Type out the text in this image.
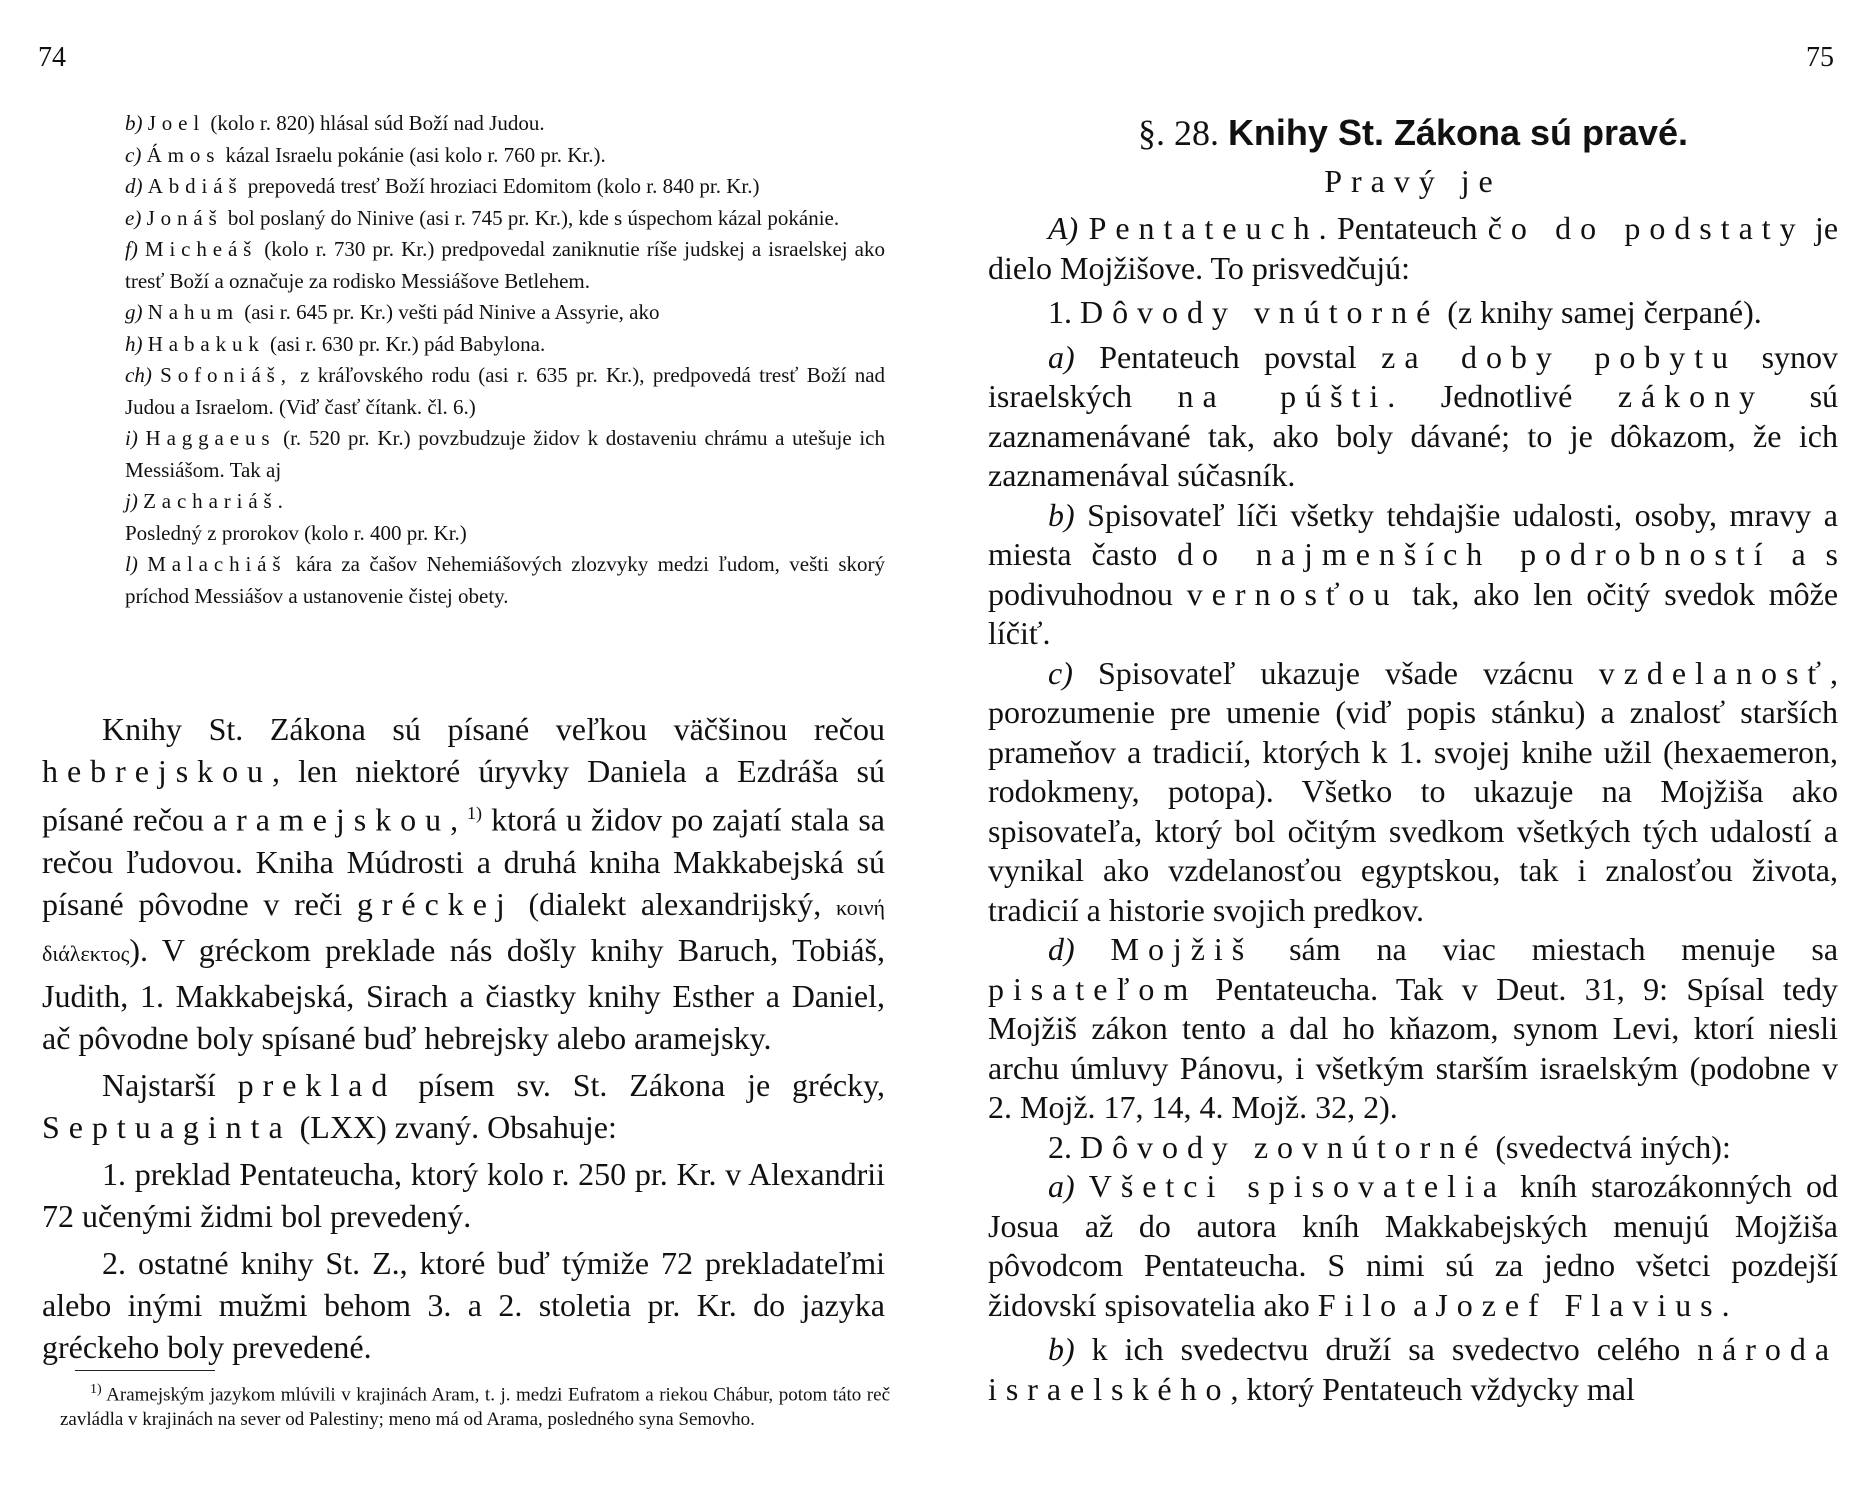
74

b) Joel (kolo r. 820) hlásal súd Boží nad Judou.

c) Ámos kázal Israelu pokánie (asi kolo r. 760 pr. Kr.).

d) Abdiáš prepovedá tresť Boží hroziaci Edomitom (kolo r. 840 pr. Kr.)

e) Jonáš bol poslaný do Ninive (asi r. 745 pr. Kr.), kde s úspechom kázal pokánie.

f) Micheáš (kolo r. 730 pr. Kr.) predpovedal zaniknutie ríše judskej a israelskej ako tresť Boží a označuje za rodisko Messiášove Betlehem.

g) Nahum (asi r. 645 pr. Kr.) vešti pád Ninive a Assyrie, ako

h) Habakuk (asi r. 630 pr. Kr.) pád Babylona.

ch) Sofoniáš, z kráľovského rodu (asi r. 635 pr. Kr.), predpovedá tresť Boží nad Judou a Israelom. (Viď časť čítank. čl. 6.)

i) Haggaeus (r. 520 pr. Kr.) povzbudzuje židov k dostaveniu chrámu a utešuje ich Messiášom. Tak aj

j) Zachariáš.

Posledný z prorokov (kolo r. 400 pr. Kr.)

l) Malachiáš kára za čašov Nehemiášových zlozvyky medzi ľudom, vešti skorý príchod Messiášov a ustanovenie čistej obety.

Knihy St. Zákona sú písané veľkou väčšinou rečou hebrejskou, len niektoré úryvky Daniela a Ezdráša sú písané rečou aramejskou,$^{1)}$ ktorá u židov po zajatí stala sa rečou ľudovou. Kniha Múdrosti a druhá kniha Makkabejská sú písané pôvodne v reči gréckej (dialekt alexandrijský, κοινή διάλεκτος). V gréckom preklade nás došly knihy Baruch, Tobiáš, Judith, 1. Makkabejská, Sirach a čiastky knihy Esther a Daniel, ač pôvodne boly spísané buď hebrejsky alebo aramejsky.

Najstarší preklad písem sv. St. Zákona je grécky, Septuaginta (LXX) zvaný. Obsahuje:

1. preklad Pentateucha, ktorý kolo r. 250 pr. Kr. v Alexandrii 72 učenými židmi bol prevedený.

2. ostatné knihy St. Z., ktoré buď týmiže 72 prekladateľmi alebo inými mužmi behom 3. a 2. stoletia pr. Kr. do jazyka gréckeho boly prevedené.

$^{1)}$ Aramejským jazykom mlúvili v krajinách Aram, t. j. medzi Eufratom a riekou Chábur, potom táto reč zavládla v krajinách na sever od Palestiny; meno má od Arama, posledného syna Semovho.

75
§. 28. Knihy St. Zákona sú pravé.
Pravý je

A) Pentateuch. Pentateuch čo do podstaty je dielo Mojžišove. To prisvedčujú:

1. Dôvody vnútorné (z knihy samej čerpané).

a) Pentateuch povstal za doby pobytu synov israelských na púšti. Jednotlivé zákony sú zaznamenávané tak, ako boly dávané; to je dôkazom, že ich zaznamenával súčasník.

b) Spisovateľ líči všetky tehdajšie udalosti, osoby, mravy a miesta často do najmenších podrobností a s podivuhodnou vernosťou tak, ako len očitý svedok môže líčiť.

c) Spisovateľ ukazuje všade vzácnu vzdelanosť, porozumenie pre umenie (viď popis stánku) a znalosť starších prameňov a tradicií, ktorých k 1. svojej knihe užil (hexaemeron, rodokmeny, potopa). Všetko to ukazuje na Mojžiša ako spisovateľa, ktorý bol očitým svedkom všetkých tých udalostí a vynikal ako vzdelanosťou egyptskou, tak i znalosťou života, tradicií a historie svojich predkov.

d) Mojžiš sám na viac miestach menuje sa pisateľom Pentateucha. Tak v Deut. 31, 9: Spísal tedy Mojžiš zákon tento a dal ho kňazom, synom Levi, ktorí niesli archu úmluvy Pánovu, i všetkým starším israelským (podobne v 2. Mojž. 17, 14, 4. Mojž. 32, 2).

2. Dôvody zovnútorné (svedectvá iných):

a) Všetci spisovatelia kníh starozákonných od Josua až do autora kníh Makkabejských menujú Mojžiša pôvodcom Pentateucha. S nimi sú za jedno všetci pozdejší židovskí spisovatelia ako Filo a Jozef Flavius.

b) k ich svedectvu druží sa svedectvo celého národa israelského, ktorý Pentateuch vždycky mal
